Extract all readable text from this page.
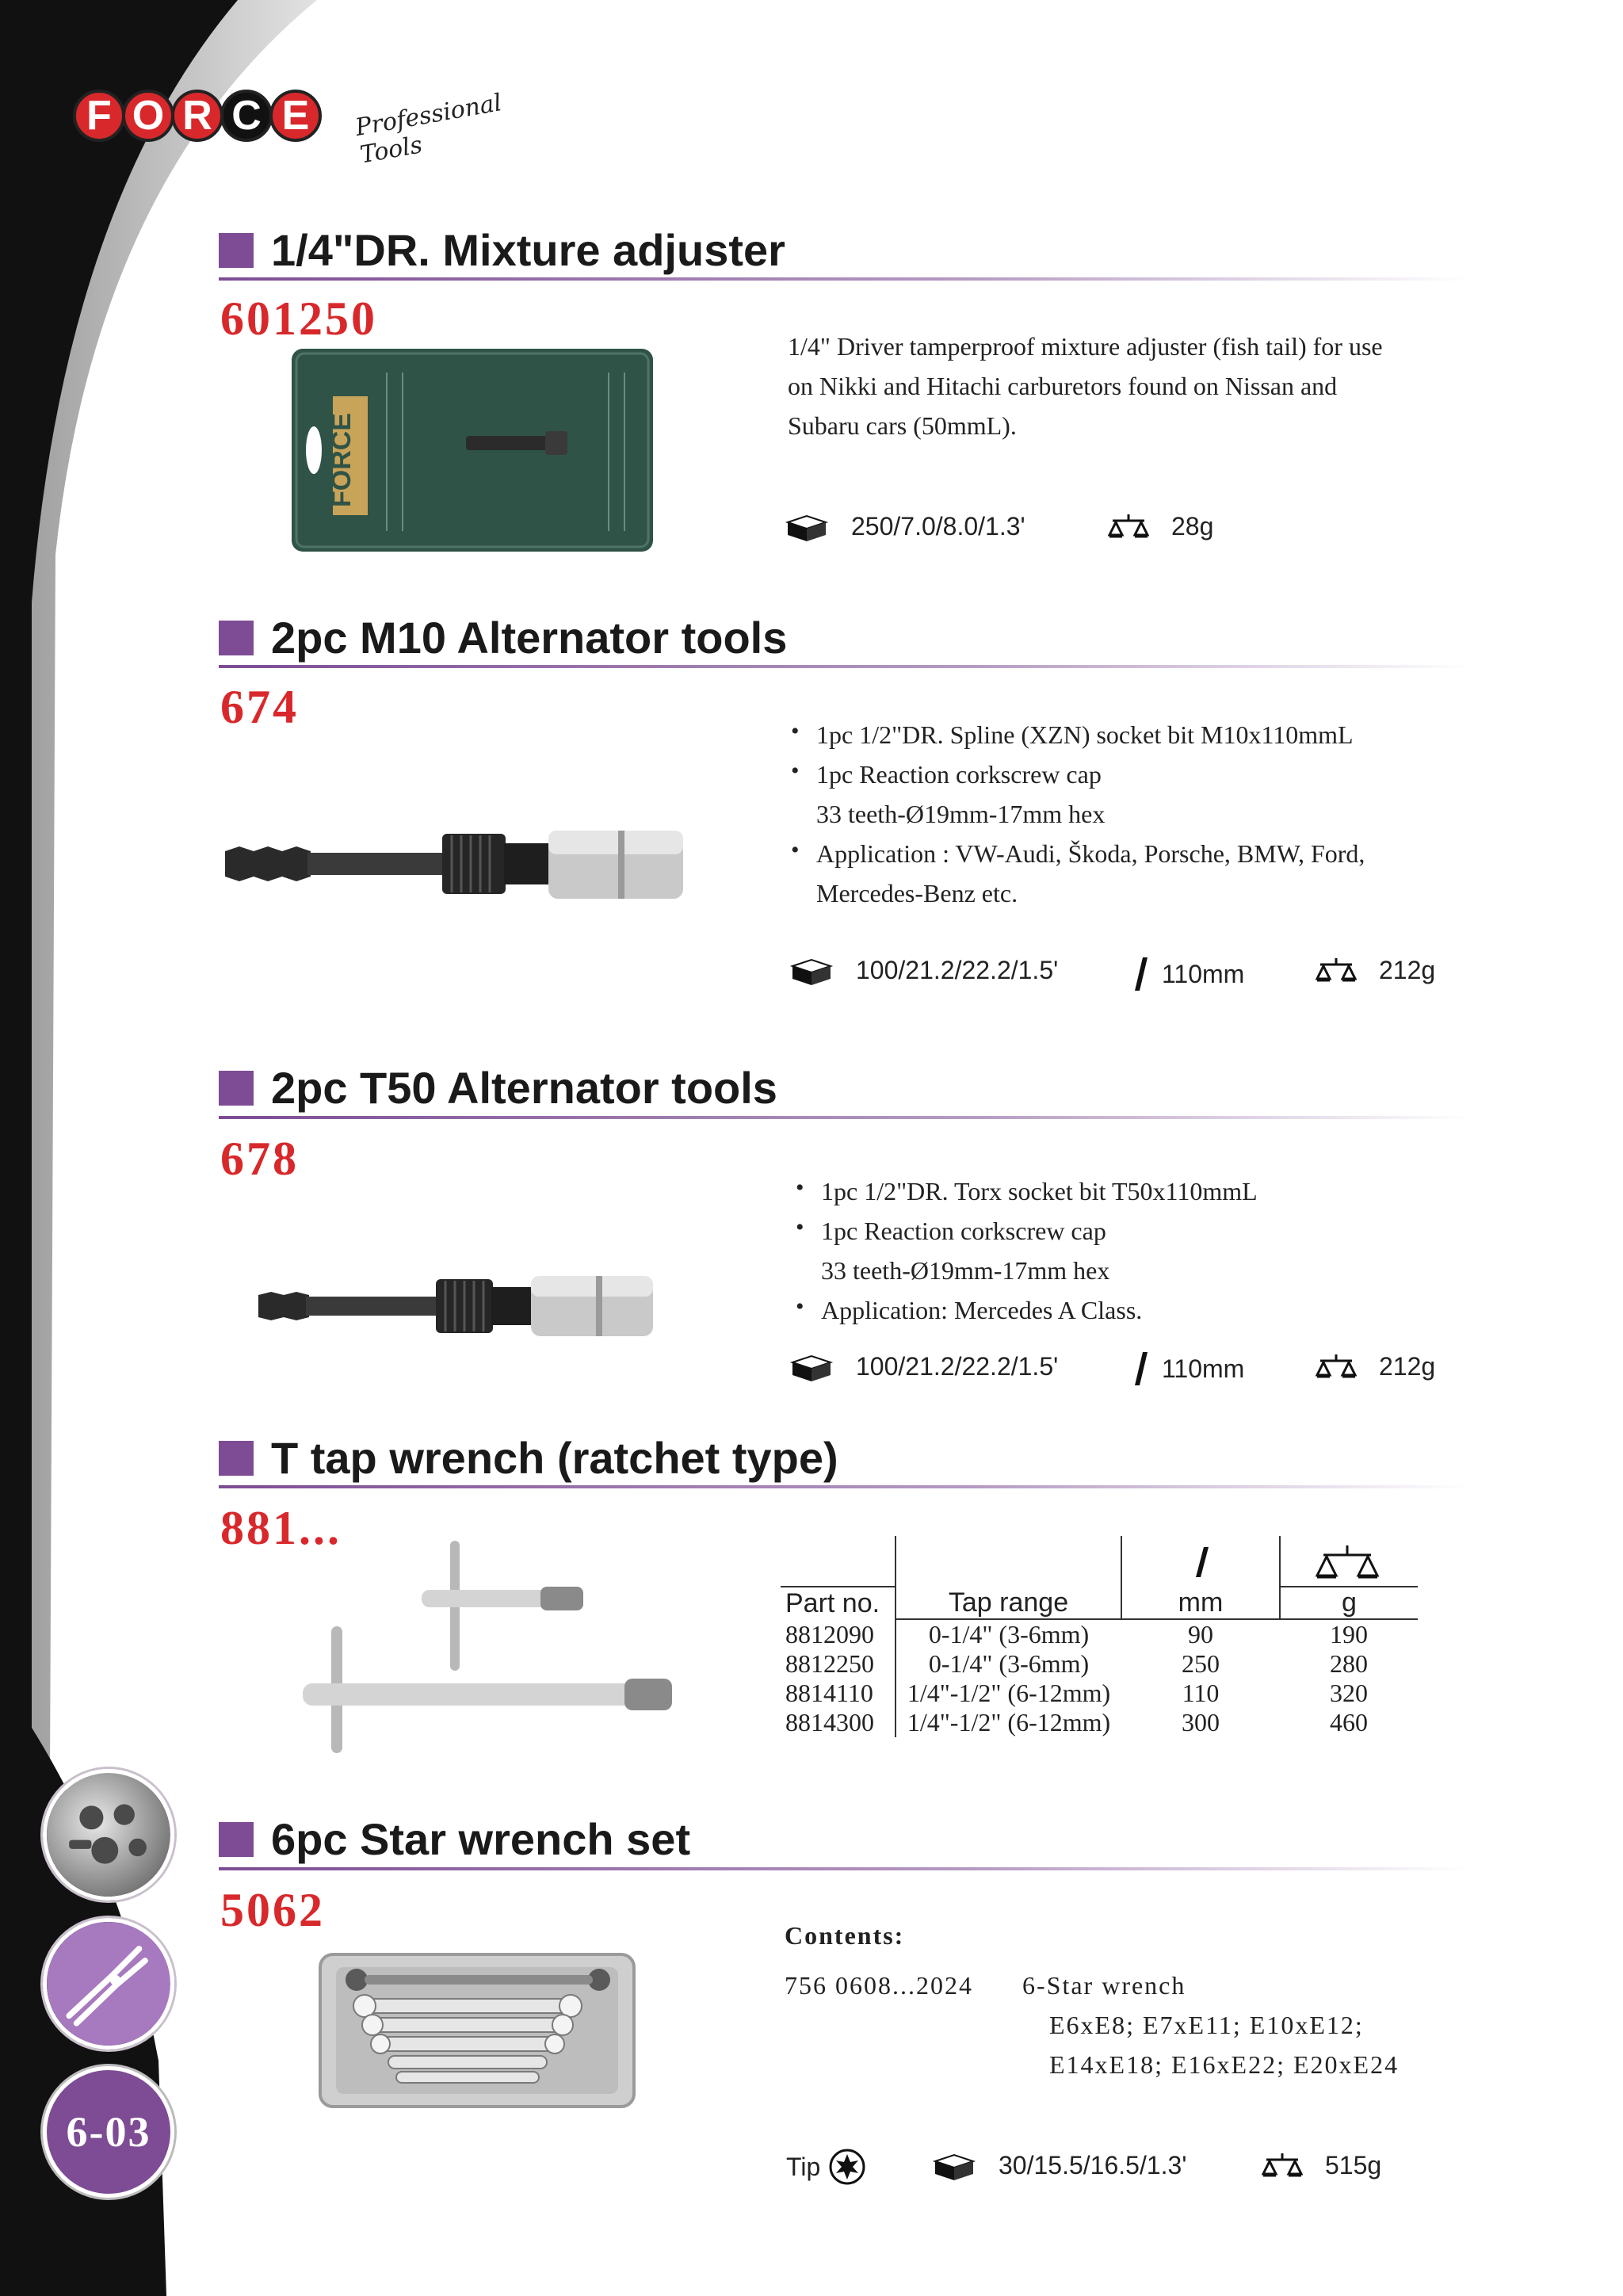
F O R C E	Professional Tools
1/4"DR. Mixture adjuster
601250
FORCE
1/4" Driver tamperproof mixture adjuster (fish tail) for use
on Nikki and Hitachi carburetors found on Nissan and
Subaru cars (50mmL).
250/7.0/8.0/1.3'	28g
2pc M10 Alternator tools
674	• 1pc 1/2"DR. Spline (XZN) socket bit M10x110mmL
• 1pc Reaction corkscrew cap
33 teeth-Ø19mm-17mm hex
• Application : VW-Audi, Škoda, Porsche, BMW, Ford,
Mercedes-Benz etc.
100/21.2/22.2/1.5'	110mm	212g
2pc T50 Alternator tools
678
• 1pc 1/2"DR. Torx socket bit T50x110mmL
• 1pc Reaction corkscrew cap
33 teeth-Ø19mm-17mm hex
• Application: Mercedes A Class.
100/21.2/22.2/1.5'	110mm	212g
T tap wrench (ratchet type)
881...

Part no.	Tap range	mm	g
8812090	0-1/4" (3-6mm)	90	190
8812250	0-1/4" (3-6mm)	250	280
8814110	1/4"-1/2" (6-12mm)	110	320
8814300	1/4"-1/2" (6-12mm)	300	460
6pc Star wrench set
5062	Contents:
756 0608...2024 6-Star wrench
E6xE8; E7xE11; E10xE12;
E14xE18; E16xE22; E20xE24
Tip	30/15.5/16.5/1.3'	515g
6-03
